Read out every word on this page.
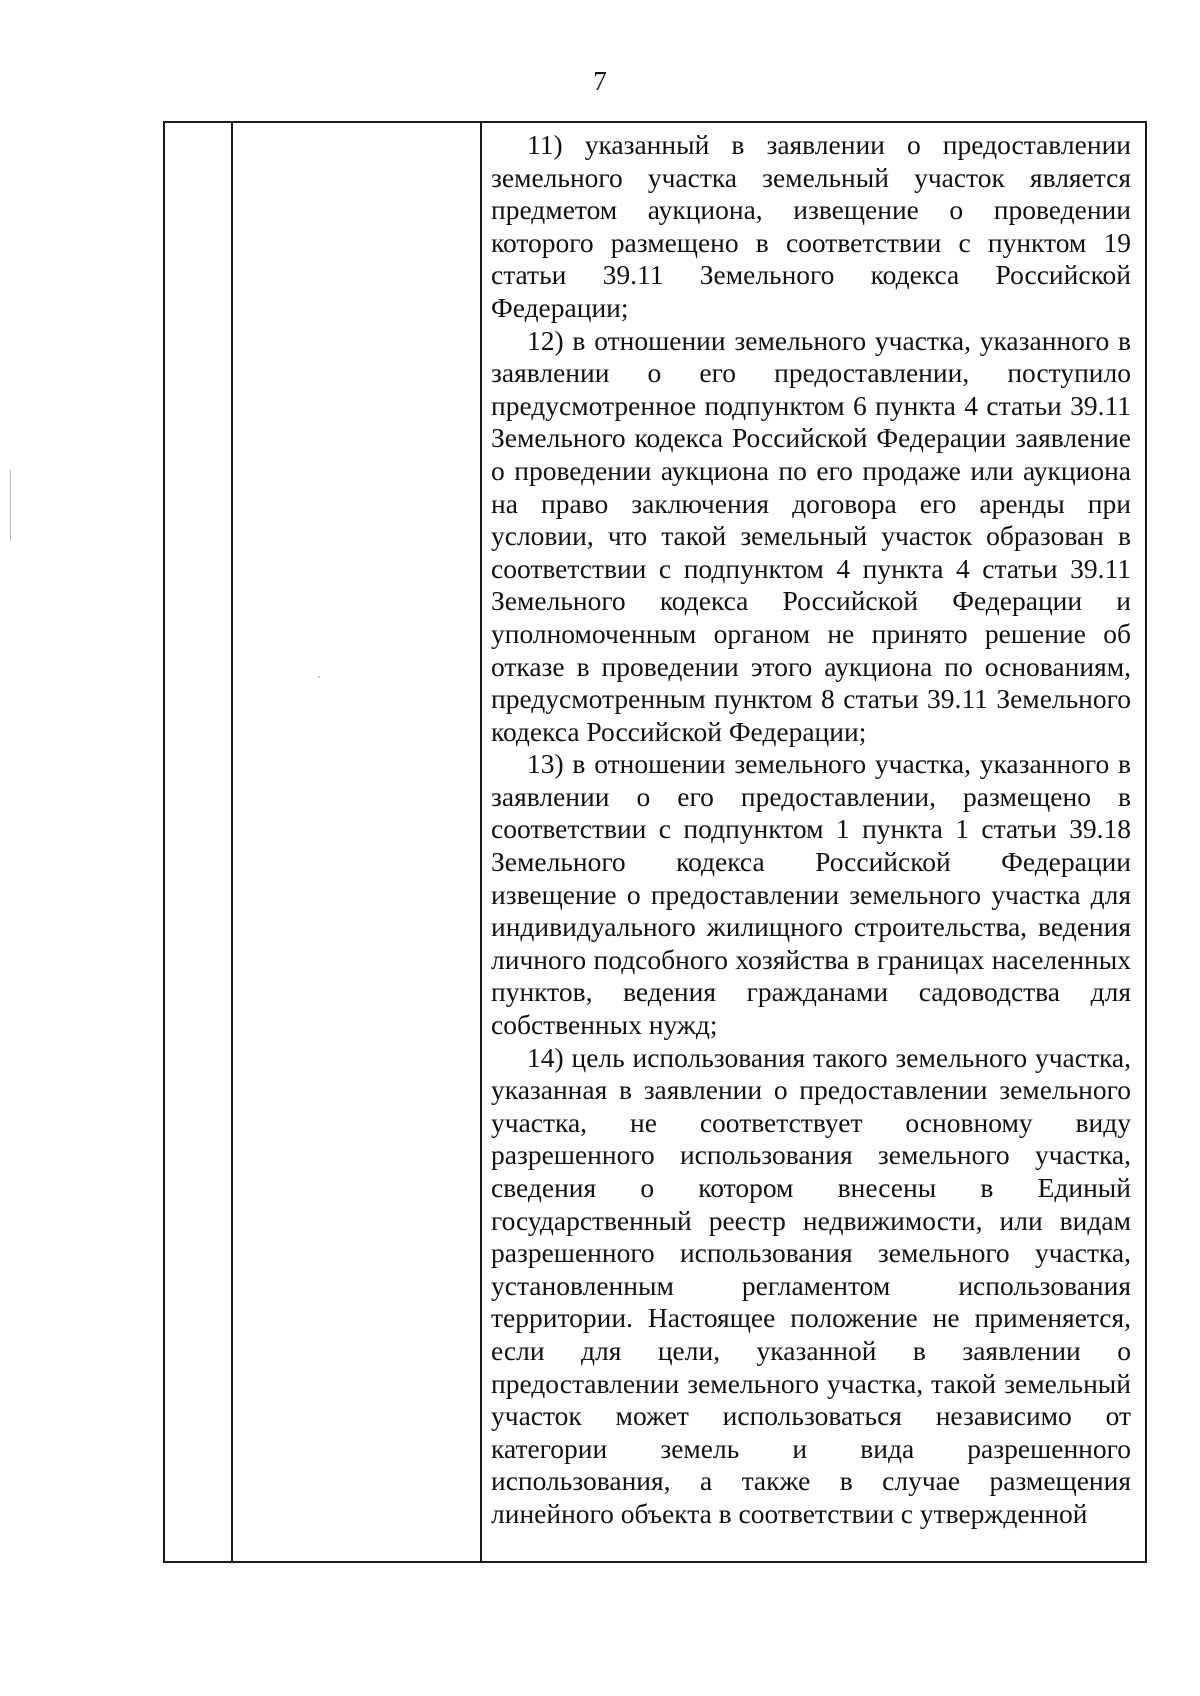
7

11) указанный в заявлении о предоставлении земельного участка земельный участок является предметом аукциона, извещение о проведении которого размещено в соответствии с пунктом 19 статьи 39.11 Земельного кодекса Российской Федерации;

12) в отношении земельного участка, указанного в заявлении о его предоставлении, поступило предусмотренное подпунктом 6 пункта 4 статьи 39.11 Земельного кодекса Российской Федерации заявление о проведении аукциона по его продаже или аукциона на право заключения договора его аренды при условии, что такой земельный участок образован в соответствии с подпунктом 4 пункта 4 статьи 39.11 Земельного кодекса Российской Федерации и уполномоченным органом не принято решение об отказе в проведении этого аукциона по основаниям, предусмотренным пунктом 8 статьи 39.11 Земельного кодекса Российской Федерации;

13) в отношении земельного участка, указанного в заявлении о его предоставлении, размещено в соответствии с подпунктом 1 пункта 1 статьи 39.18 Земельного кодекса Российской Федерации извещение о предоставлении земельного участка для индивидуального жилищного строительства, ведения личного подсобного хозяйства в границах населенных пунктов, ведения гражданами садоводства для собственных нужд;

14) цель использования такого земельного участка, указанная в заявлении о предоставлении земельного участка, не соответствует основному виду разрешенного использования земельного участка, сведения о котором внесены в Единый государственный реестр недвижимости, или видам разрешенного использования земельного участка, установленным регламентом использования территории. Настоящее положение не применяется, если для цели, указанной в заявлении о предоставлении земельного участка, такой земельный участок может использоваться независимо от категории земель и вида разрешенного использования, а также в случае размещения линейного объекта в соответствии с утвержденной
